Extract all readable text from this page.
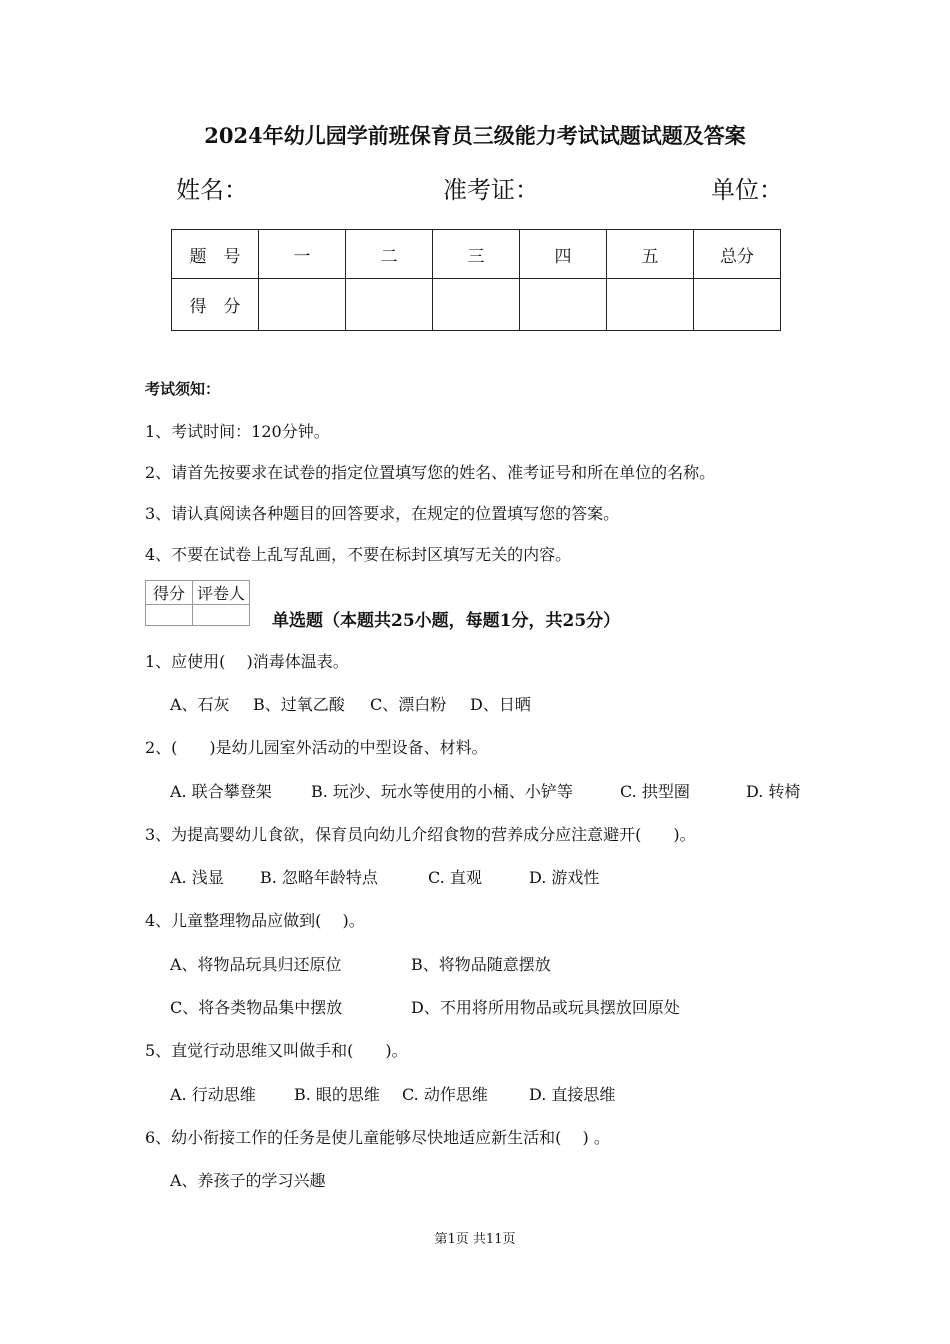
2024年幼儿园学前班保育员三级能力考试试题试题及答案
姓名：	准考证：	单位：
题　号	一	二	三	四	五	总分
得　分						
考试须知：
1、考试时间：120分钟。
2、请首先按要求在试卷的指定位置填写您的姓名、准考证号和所在单位的名称。
3、请认真阅读各种题目的回答要求，在规定的位置填写您的答案。
4、不要在试卷上乱写乱画，不要在标封区填写无关的内容。
得分	评卷人

单选题（本题共25小题，每题1分，共25分）
1、应使用(　 )消毒体温表。
A、石灰 B、过氧乙酸 C、漂白粉 D、日晒
2、(　　)是幼儿园室外活动的中型设备、材料。
A. 联合攀登架 B. 玩沙、玩水等使用的小桶、小铲等	C. 拱型圈	D. 转椅
3、为提高婴幼儿食欲，保育员向幼儿介绍食物的营养成分应注意避开(　　)。
A. 浅显 B. 忽略年龄特点	C. 直观	D. 游戏性
4、儿童整理物品应做到(　 )。
A、将物品玩具归还原位	B、将物品随意摆放
C、将各类物品集中摆放	D、不用将所用物品或玩具摆放回原处
5、直觉行动思维又叫做手和(　　)。
A. 行动思维 B. 眼的思维 C. 动作思维	D. 直接思维
6、幼小衔接工作的任务是使儿童能够尽快地适应新生活和(　 ) 。
A、养孩子的学习兴趣
第1页 共11页
